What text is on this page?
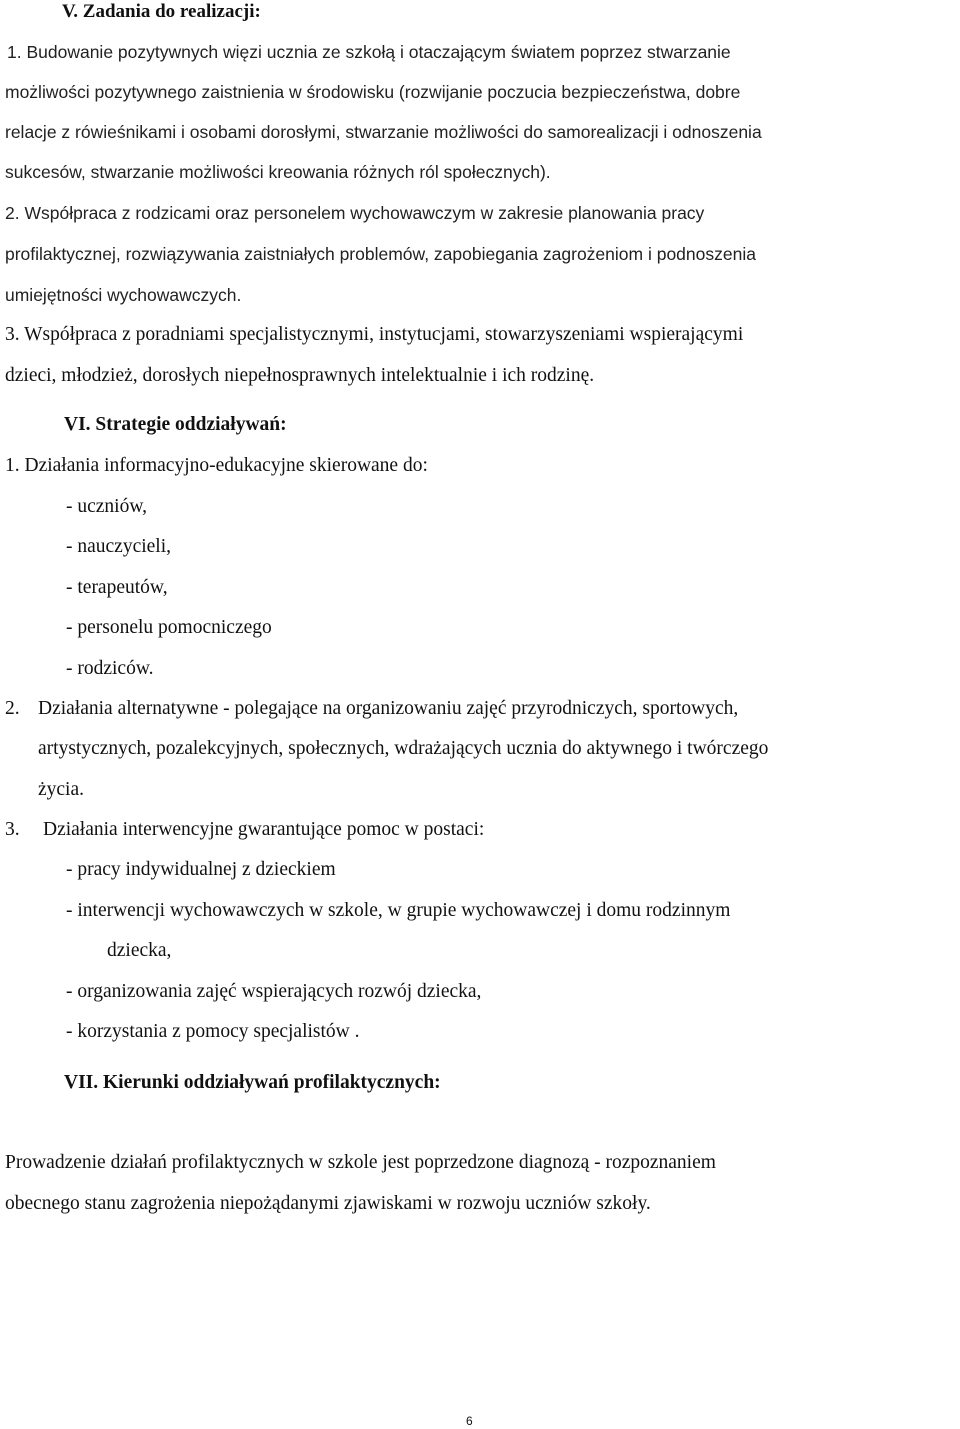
V. Zadania do realizacji:
1. Budowanie pozytywnych więzi ucznia ze szkołą i otaczającym światem poprzez stwarzanie
możliwości pozytywnego zaistnienia w środowisku (rozwijanie poczucia bezpieczeństwa, dobre
relacje z rówieśnikami i osobami dorosłymi, stwarzanie możliwości do samorealizacji i odnoszenia
sukcesów, stwarzanie możliwości kreowania różnych ról społecznych).
2. Współpraca z rodzicami oraz personelem wychowawczym w zakresie planowania pracy
profilaktycznej, rozwiązywania zaistniałych problemów, zapobiegania zagrożeniom i podnoszenia
umiejętności wychowawczych.
3. Współpraca z poradniami specjalistycznymi, instytucjami, stowarzyszeniami wspierającymi
dzieci, młodzież, dorosłych niepełnosprawnych intelektualnie i ich rodzinę.
VI. Strategie oddziaływań:
1. Działania informacyjno-edukacyjne skierowane do:
- uczniów,
- nauczycieli,
- terapeutów,
- personelu pomocniczego
- rodziców.
2. Działania alternatywne - polegające na organizowaniu zajęć przyrodniczych, sportowych,
artystycznych, pozalekcyjnych, społecznych, wdrażających ucznia do aktywnego i twórczego
życia.
3. Działania interwencyjne gwarantujące pomoc w postaci:
- pracy indywidualnej z dzieckiem
- interwencji wychowawczych w szkole, w grupie wychowawczej i domu rodzinnym
dziecka,
- organizowania zajęć wspierających rozwój dziecka,
- korzystania z pomocy specjalistów .
VII. Kierunki oddziaływań profilaktycznych:
Prowadzenie działań profilaktycznych w szkole jest poprzedzone diagnozą - rozpoznaniem
obecnego stanu zagrożenia niepożądanymi zjawiskami w rozwoju uczniów szkoły.
6
